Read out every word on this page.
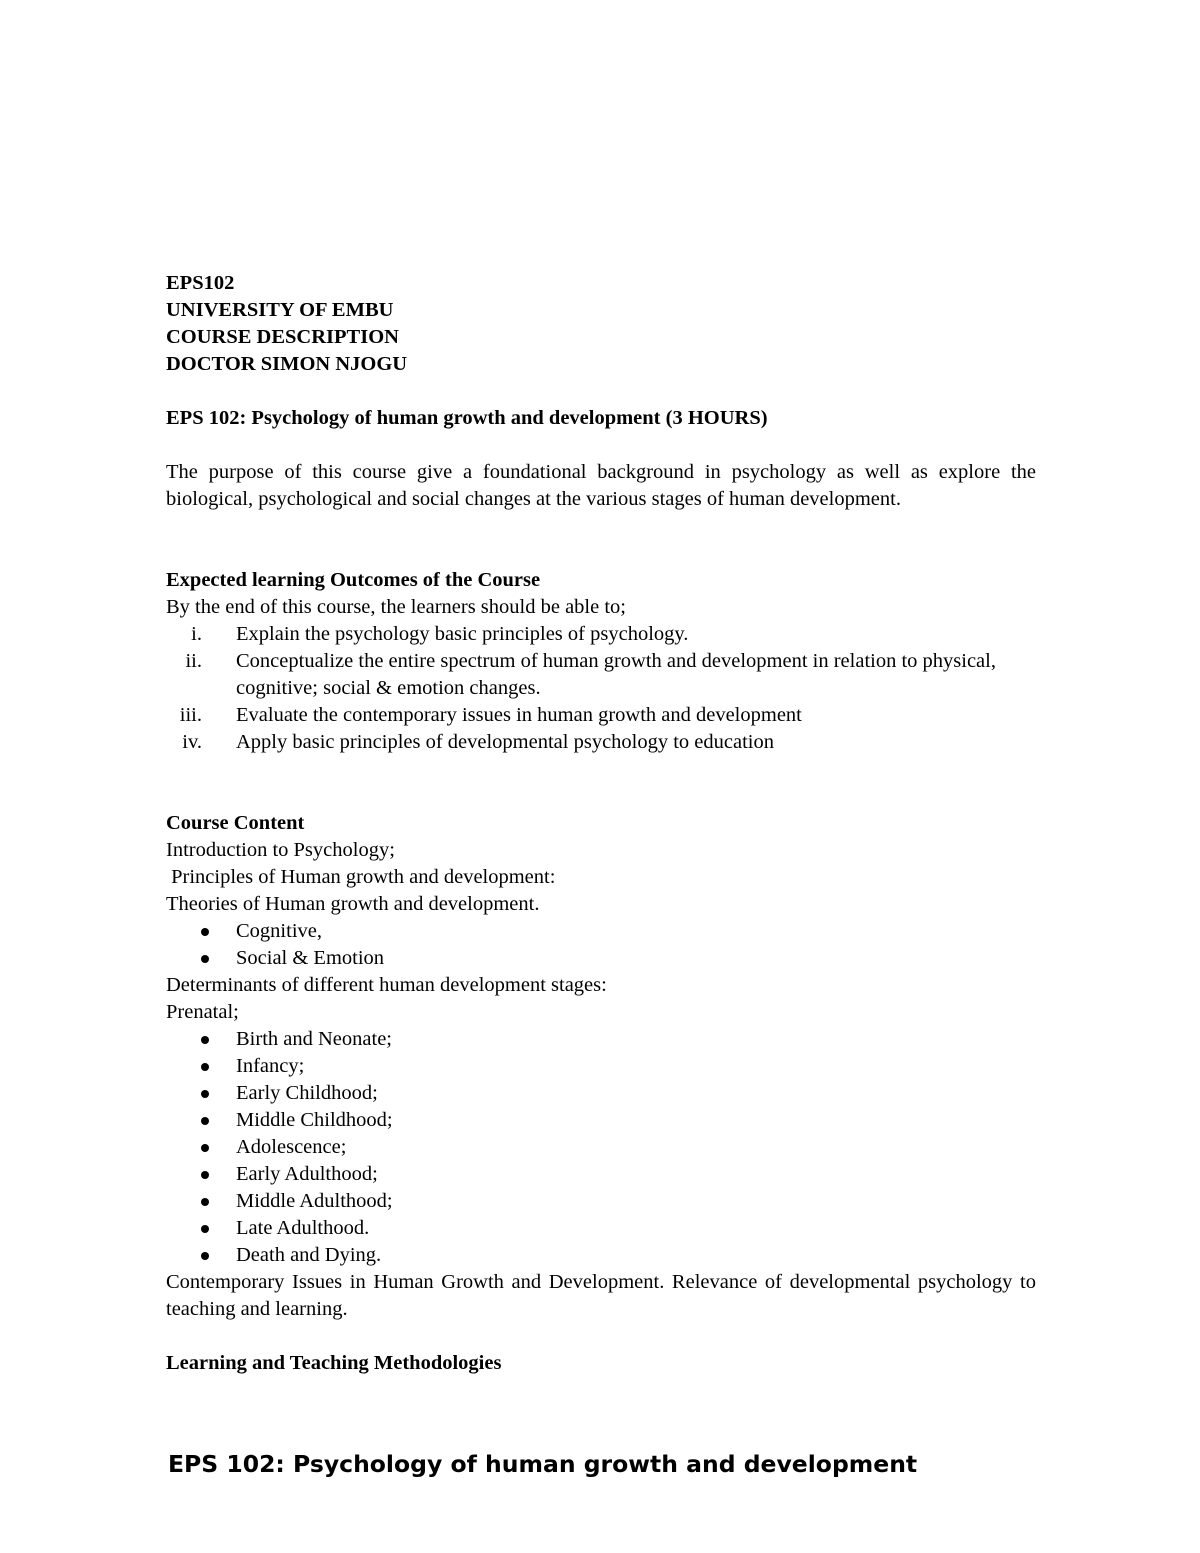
EPS102
UNIVERSITY OF EMBU
COURSE DESCRIPTION
DOCTOR SIMON NJOGU
EPS 102: Psychology of human growth and development (3 HOURS)
The purpose of this course give a foundational background in psychology as well as explore the biological, psychological and social changes at the various stages of human development.
Expected learning Outcomes of the Course
By the end of this course, the learners should be able to;
i.	Explain the psychology basic principles of psychology.
ii.	Conceptualize the entire spectrum of human growth and development in relation to physical, cognitive; social & emotion changes.
iii.	Evaluate the contemporary issues in human growth and development
iv.	Apply basic principles of developmental psychology to education
Course Content
Introduction to Psychology;
Principles of Human growth and development:
Theories of Human growth and development.
Cognitive,
Social & Emotion
Determinants of different human development stages:
Prenatal;
Birth and Neonate;
Infancy;
Early Childhood;
Middle Childhood;
Adolescence;
Early Adulthood;
Middle Adulthood;
Late Adulthood.
Death and Dying.
Contemporary Issues in Human Growth and Development. Relevance of developmental psychology to teaching and learning.
Learning and Teaching Methodologies
EPS 102: Psychology of human growth and development
